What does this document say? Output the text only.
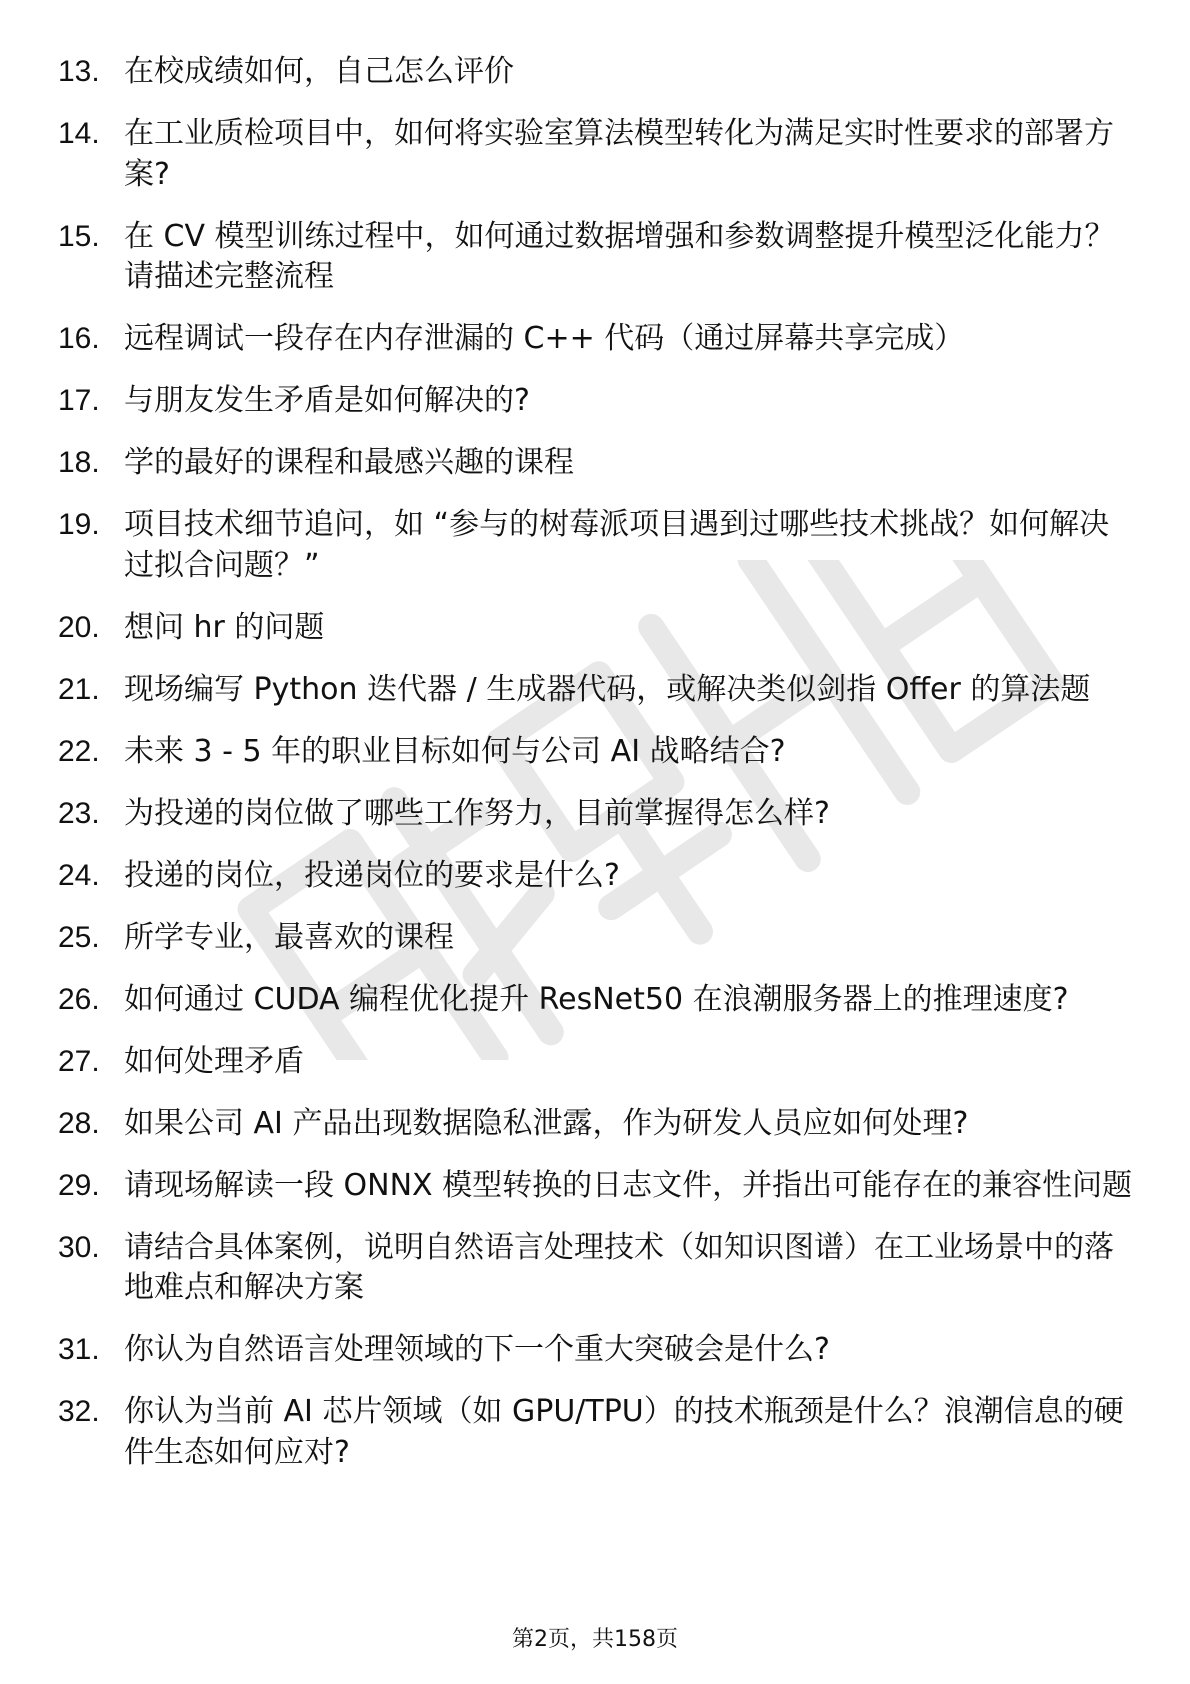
13. 在校成绩如何，自己怎么评价
14. 在工业质检项目中，如何将实验室算法模型转化为满足实时性要求的部署方案?
15. 在 CV 模型训练过程中，如何通过数据增强和参数调整提升模型泛化能力？请描述完整流程
16. 远程调试一段存在内存泄漏的 C++ 代码（通过屏幕共享完成）
17. 与朋友发生矛盾是如何解决的?
18. 学的最好的课程和最感兴趣的课程
19. 项目技术细节追问，如 “参与的树莓派项目遇到过哪些技术挑战？如何解决过拟合问题？”
20. 想问 hr 的问题
21. 现场编写 Python 迭代器 / 生成器代码，或解决类似剑指 Offer 的算法题
22. 未来 3 - 5 年的职业目标如何与公司 AI 战略结合?
23. 为投递的岗位做了哪些工作努力，目前掌握得怎么样?
24. 投递的岗位，投递岗位的要求是什么?
25. 所学专业，最喜欢的课程
26. 如何通过 CUDA 编程优化提升 ResNet50 在浪潮服务器上的推理速度?
27. 如何处理矛盾
28. 如果公司 AI 产品出现数据隐私泄露，作为研发人员应如何处理?
29. 请现场解读一段 ONNX 模型转换的日志文件，并指出可能存在的兼容性问题
30. 请结合具体案例，说明自然语言处理技术（如知识图谱）在工业场景中的落地难点和解决方案
31. 你认为自然语言处理领域的下一个重大突破会是什么?
32. 你认为当前 AI 芯片领域（如 GPU/TPU）的技术瓶颈是什么？浪潮信息的硬件生态如何应对?
第2页，共158页
